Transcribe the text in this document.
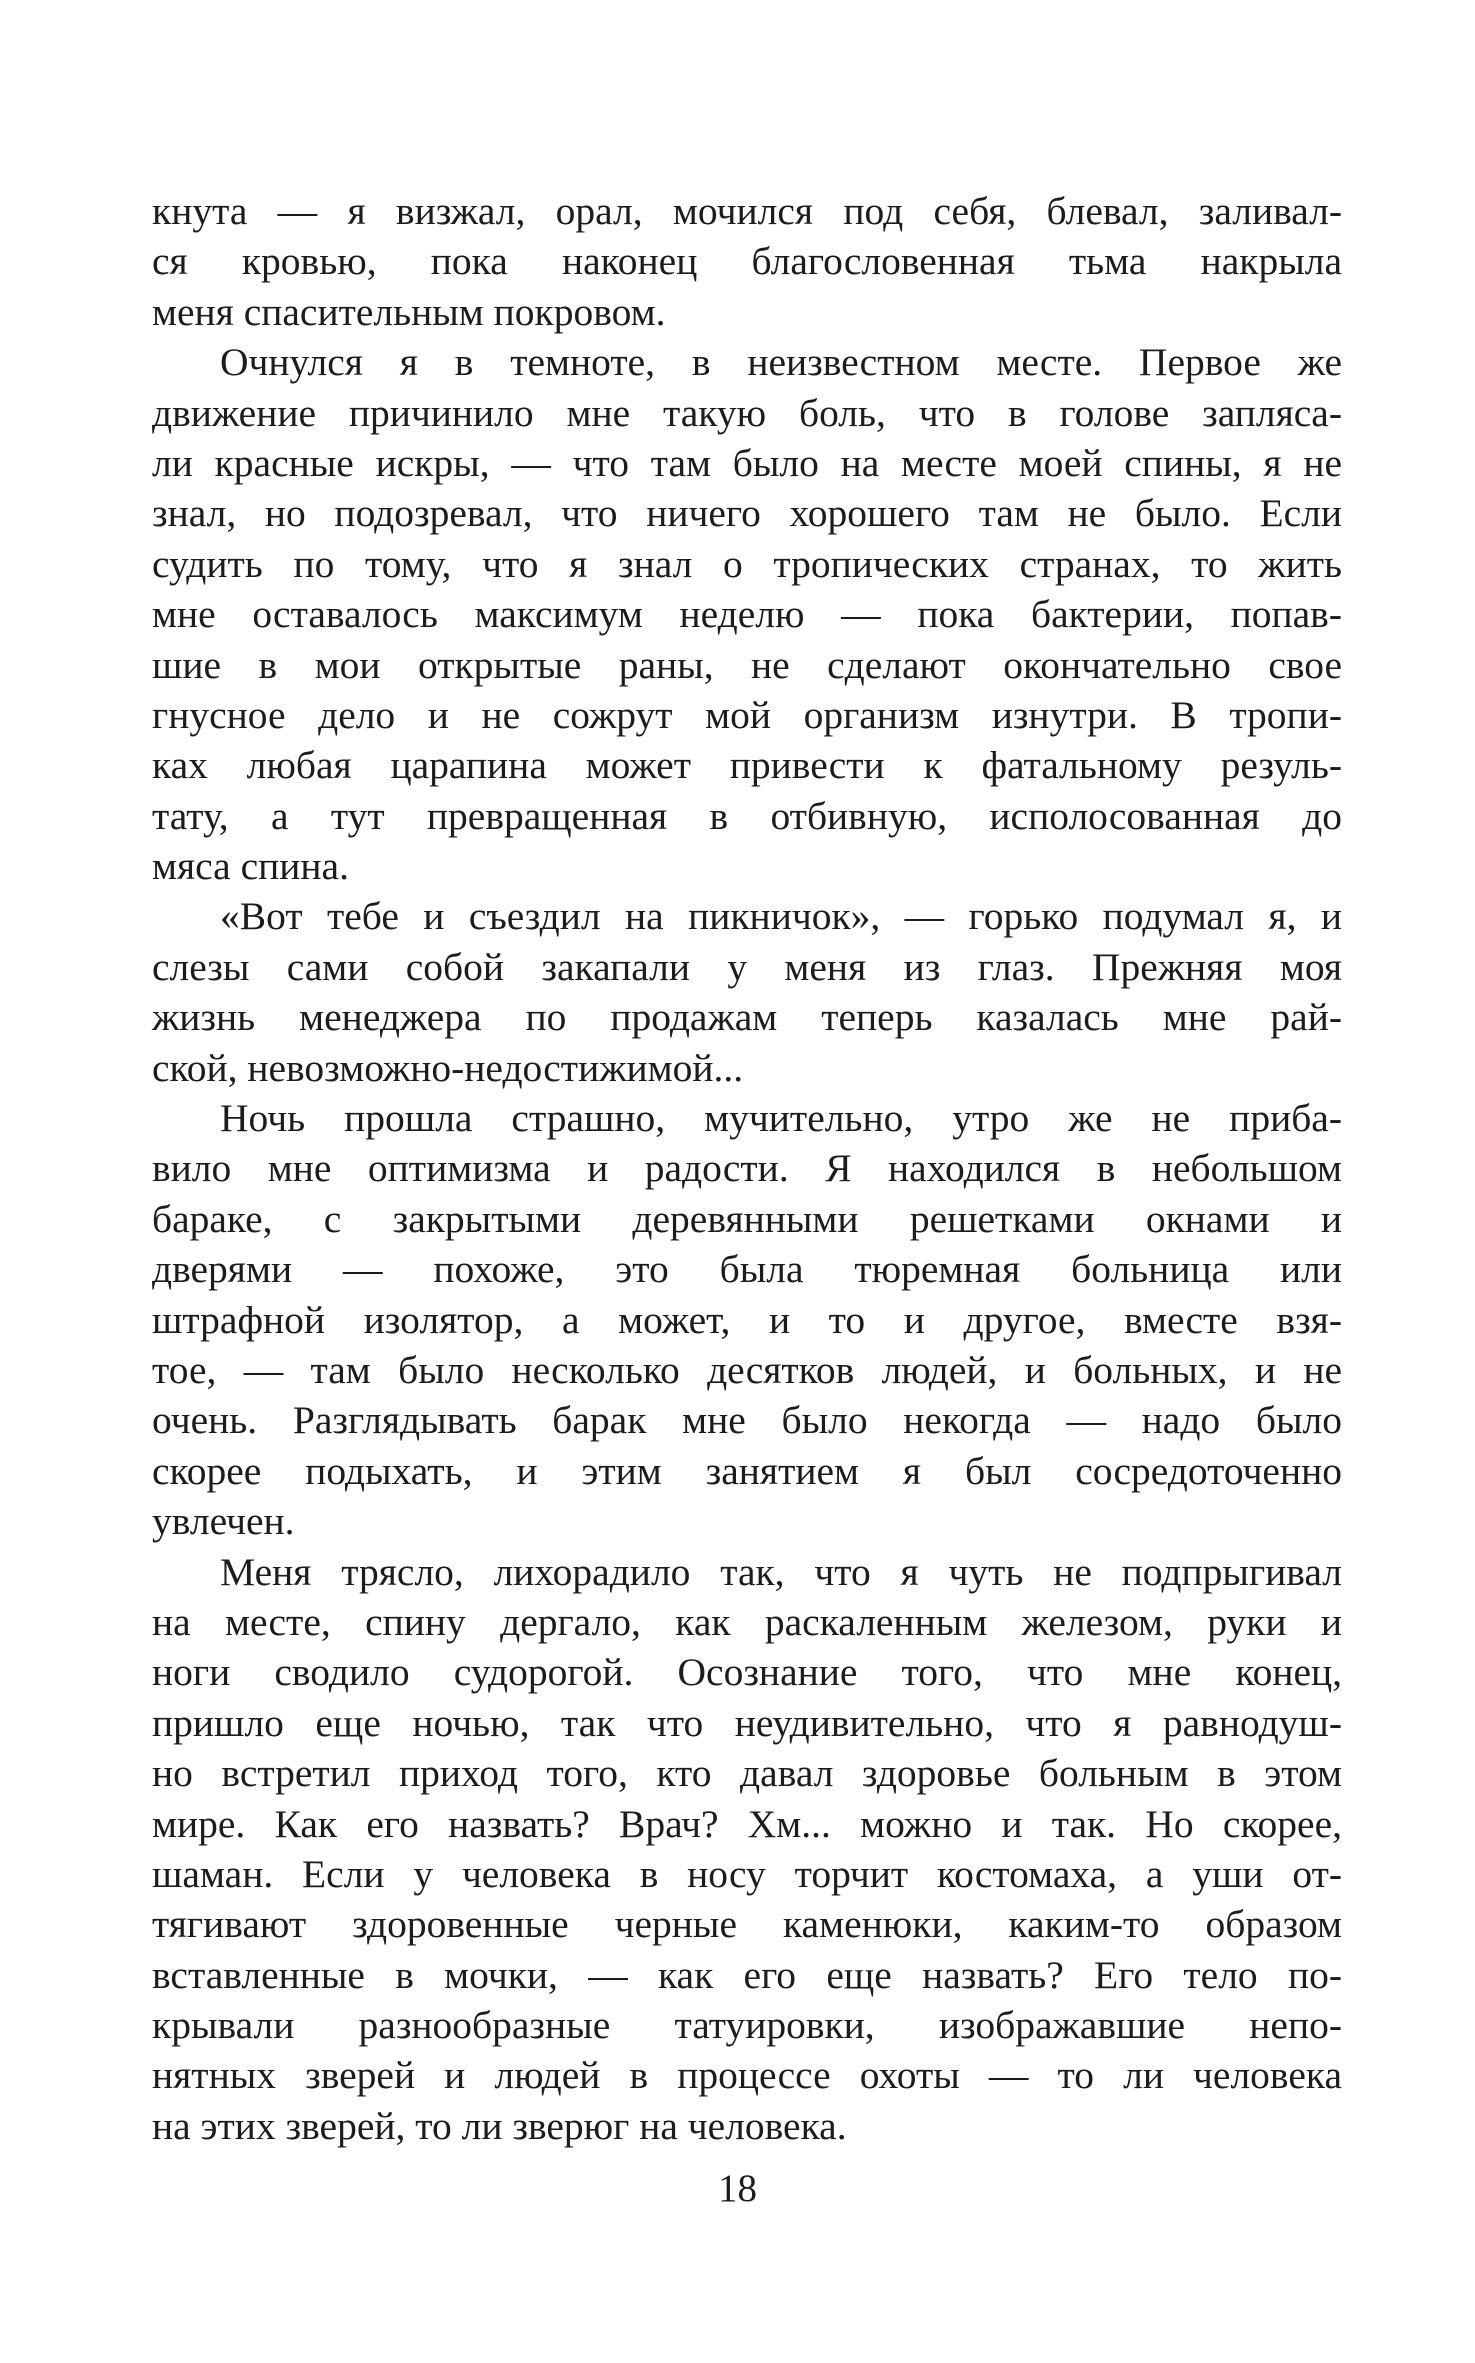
кнута — я визжал, орал, мочился под себя, блевал, заливал-
ся кровью, пока наконец благословенная тьма накрыла
меня спасительным покровом.
Очнулся я в темноте, в неизвестном месте. Первое же
движение причинило мне такую боль, что в голове заплясa-
ли красные искры, — что там было на месте моей спины, я не
знал, но подозревал, что ничего хорошего там не было. Если
судить по тому, что я знал о тропических странах, то жить
мне оставалось максимум неделю — пока бактерии, попав-
шие в мои открытые раны, не сделают окончательно свое
гнусное дело и не сожрут мой организм изнутри. В тропи-
ках любая царапина может привести к фатальному резуль-
тату, а тут превращенная в отбивную, исполосованная до
мяса спина.
«Вот тебе и съездил на пикничок», — горько подумал я, и
слезы сами собой закапали у меня из глаз. Прежняя моя
жизнь менеджера по продажам теперь казалась мне рай-
ской, невозможно-недостижимой...
Ночь прошла страшно, мучительно, утро же не приба-
вило мне оптимизма и радости. Я находился в небольшом
бараке, с закрытыми деревянными решетками окнами и
дверями — похоже, это была тюремная больница или
штрафной изолятор, а может, и то и другое, вместе взя-
тое, — там было несколько десятков людей, и больных, и не
очень. Разглядывать барак мне было некогда — надо было
скорее подыхать, и этим занятием я был сосредоточенно
увлечен.
Меня трясло, лихорадило так, что я чуть не подпрыгивал
на месте, спину дергало, как раскаленным железом, руки и
ноги сводило судорогой. Осознание того, что мне конец,
пришло еще ночью, так что неудивительно, что я равнодуш-
но встретил приход того, кто давал здоровье больным в этом
мире. Как его назвать? Врач? Хм... можно и так. Но скорее,
шаман. Если у человека в носу торчит костомаха, а уши от-
тягивают здоровенные черные каменюки, каким-то образом
вставленные в мочки, — как его еще назвать? Его тело по-
крывали разнообразные татуировки, изображавшие непо-
нятных зверей и людей в процессе охоты — то ли человека
на этих зверей, то ли зверюг на человека.
18
